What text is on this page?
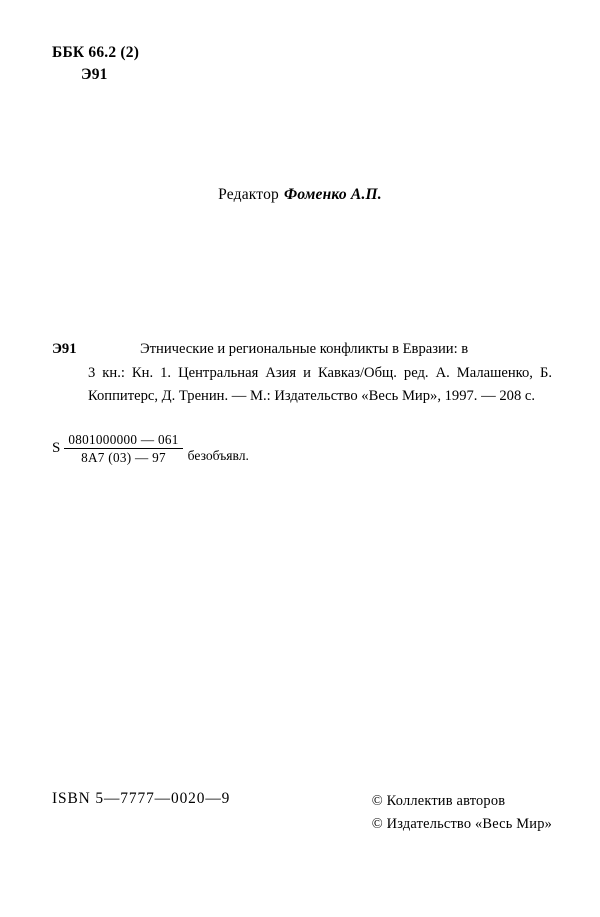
ББК 66.2 (2)
Э91
Редактор Фоменко А.П.
Э91	Этнические и региональные конфликты в Евразии: в
3 кн.: Кн. 1. Центральная Азия и Кавказ/Общ. ред. А. Малашенко, Б. Коппитерс, Д. Тренин. — М.: Издательство «Весь Мир», 1997. — 208 с.
S $\frac{0801000000 — 061}{8А7 (03) — 97}$ безобъявл.
ISBN 5—7777—0020—9	© Коллектив авторов
© Издательство «Весь Мир»
